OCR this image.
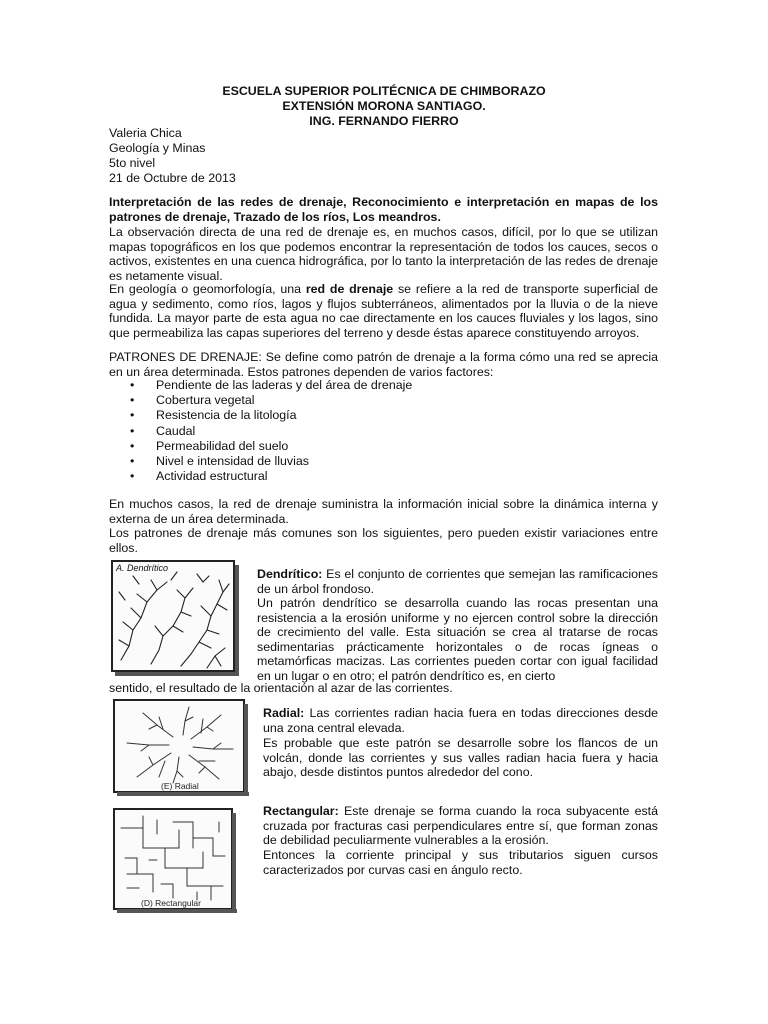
ESCUELA SUPERIOR POLITÉCNICA DE CHIMBORAZO
EXTENSIÓN MORONA SANTIAGO.
ING. FERNANDO FIERRO
Valeria Chica
Geología y Minas
5to nivel
21 de Octubre de 2013
Interpretación de las redes de drenaje, Reconocimiento e interpretación en mapas de los patrones de drenaje, Trazado de los ríos, Los meandros.
La observación directa de una red de drenaje es, en muchos casos, difícil, por lo que se utilizan mapas topográficos en los que podemos encontrar la representación de todos los cauces, secos o activos, existentes en una cuenca hidrográfica, por lo tanto la interpretación de las redes de drenaje es netamente visual.
En geología o geomorfología, una red de drenaje se refiere a la red de transporte superficial de agua y sedimento, como ríos, lagos y flujos subterráneos, alimentados por la lluvia o de la nieve fundida. La mayor parte de esta agua no cae directamente en los cauces fluviales y los lagos, sino que permeabiliza las capas superiores del terreno y desde éstas aparece constituyendo arroyos.
PATRONES DE DRENAJE: Se define como patrón de drenaje a la forma cómo una red se aprecia en un área determinada. Estos patrones dependen de varios factores:
• Pendiente de las laderas y del área de drenaje
• Cobertura vegetal
• Resistencia de la litología
• Caudal
• Permeabilidad del suelo
• Nivel e intensidad de lluvias
• Actividad estructural
En muchos casos, la red de drenaje suministra la información inicial sobre la dinámica interna y externa de un área determinada.
Los patrones de drenaje más comunes son los siguientes, pero pueden existir variaciones entre ellos.
A. Dendrítico	Dendrítico: Es el conjunto de corrientes que semejan las ramificaciones de un árbol frondoso.
Un patrón dendrítico se desarrolla cuando las rocas presentan una resistencia a la erosión uniforme y no ejercen control sobre la dirección de crecimiento del valle. Esta situación se crea al tratarse de rocas sedimentarias prácticamente horizontales o de rocas ígneas o metamórficas macizas. Las corrientes pueden cortar con igual facilidad en un lugar o en otro; el patrón dendrítico es, en cierto
sentido, el resultado de la orientación al azar de las corrientes.
(E) Radial
Radial: Las corrientes radian hacia fuera en todas direcciones desde una zona central elevada.
Es probable que este patrón se desarrolle sobre los flancos de un volcán, donde las corrientes y sus valles radian hacia fuera y hacia abajo, desde distintos puntos alrededor del cono.
(D) Rectangular
Rectangular: Este drenaje se forma cuando la roca subyacente está cruzada por fracturas casi perpendiculares entre sí, que forman zonas de debilidad peculiarmente vulnerables a la erosión.
Entonces la corriente principal y sus tributarios siguen cursos caracterizados por curvas casi en ángulo recto.
